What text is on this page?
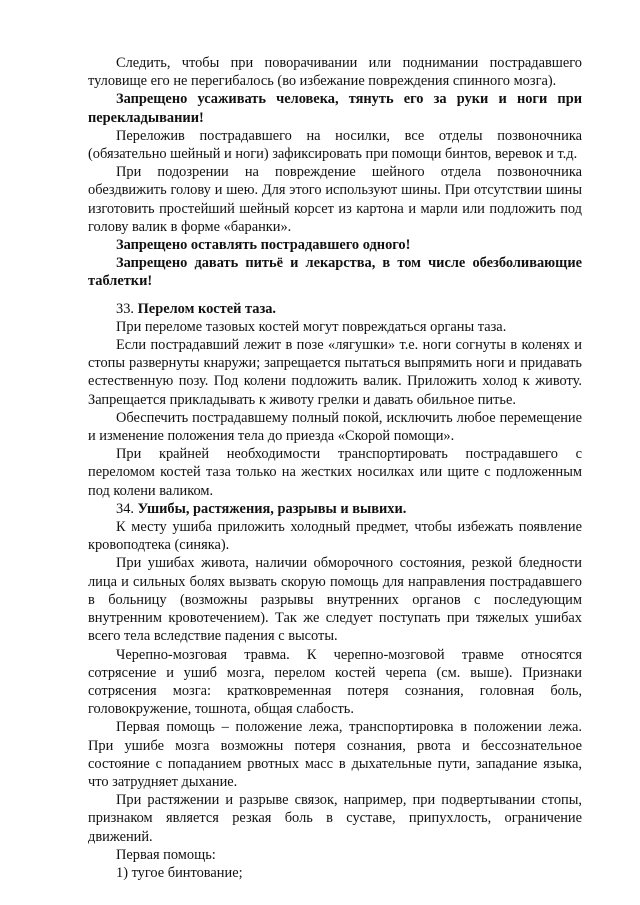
Следить, чтобы при поворачивании или поднимании пострадавшего туловище его не перегибалось (во избежание повреждения спинного мозга).

Запрещено усаживать человека, тянуть его за руки и ноги при перекладывании!

Переложив пострадавшего на носилки, все отделы позвоночника (обязательно шейный и ноги) зафиксировать при помощи бинтов, веревок и т.д.

При подозрении на повреждение шейного отдела позвоночника обездвижить голову и шею. Для этого используют шины. При отсутствии шины изготовить простейший шейный корсет из картона и марли или подложить под голову валик в форме «баранки».

Запрещено оставлять пострадавшего одного!

Запрещено давать питьё и лекарства, в том числе обезболивающие таблетки!

33. Перелом костей таза.

При переломе тазовых костей могут повреждаться органы таза.

Если пострадавший лежит в позе «лягушки» т.е. ноги согнуты в коленях и стопы развернуты кнаружи; запрещается пытаться выпрямить ноги и придавать естественную позу. Под колени подложить валик. Приложить холод к животу. Запрещается прикладывать к животу грелки и давать обильное питье.

Обеспечить пострадавшему полный покой, исключить любое перемещение и изменение положения тела до приезда «Скорой помощи».

При крайней необходимости транспортировать пострадавшего с переломом костей таза только на жестких носилках или щите с подложенным под колени валиком.

34. Ушибы, растяжения, разрывы и вывихи.

К месту ушиба приложить холодный предмет, чтобы избежать появление кровоподтека (синяка).

При ушибах живота, наличии обморочного состояния, резкой бледности лица и сильных болях вызвать скорую помощь для направления пострадавшего в больницу (возможны разрывы внутренних органов с последующим внутренним кровотечением). Так же следует поступать при тяжелых ушибах всего тела вследствие падения с высоты.

Черепно-мозговая травма. К черепно-мозговой травме относятся сотрясение и ушиб мозга, перелом костей черепа (см. выше). Признаки сотрясения мозга: кратковременная потеря сознания, головная боль, головокружение, тошнота, общая слабость.

Первая помощь – положение лежа, транспортировка в положении лежа. При ушибе мозга возможны потеря сознания, рвота и бессознательное состояние с попаданием рвотных масс в дыхательные пути, западание языка, что затрудняет дыхание.

При растяжении и разрыве связок, например, при подвертывании стопы, признаком является резкая боль в суставе, припухлость, ограничение движений.

Первая помощь:

1) тугое бинтование;
